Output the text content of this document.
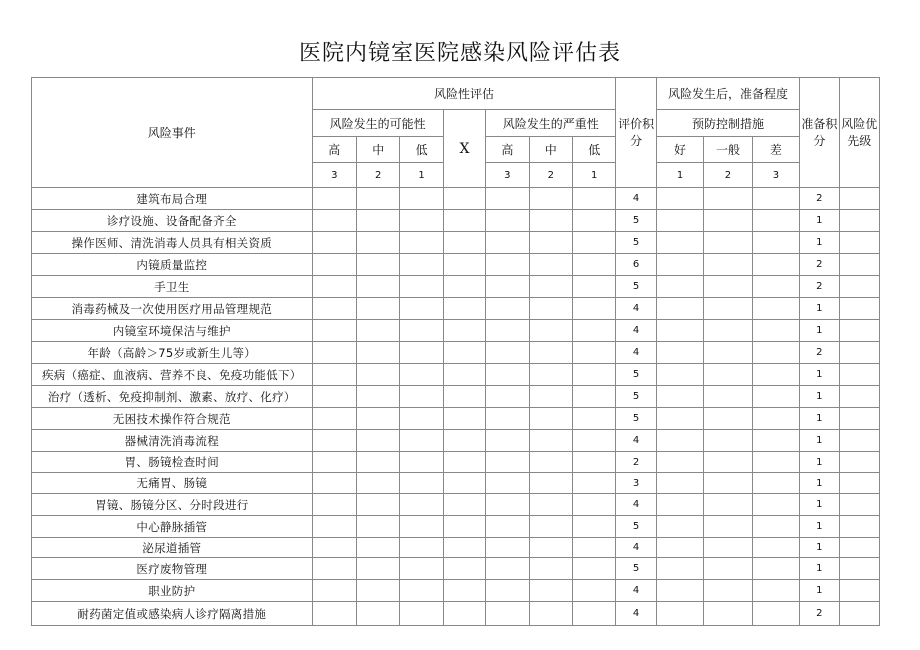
医院内镜室医院感染风险评估表
风险事件	风险性评估							评价积分	风险发生后，准备程度			准备积分	风险优先级
	风险发生的可能性			X	风险发生的严重性				预防控制措施				
	高	中	低		高	中	低		好	一般	差		
	3	2	1		3	2	1		1	2	3		
建筑布局合理								4				2	
诊疗设施、设备配备齐全								5				1	
操作医师、清洗消毒人员具有相关资质								5				1	
内镜质量监控								6				2	
手卫生								5				2	
消毒药械及一次使用医疗用品管理规范								4				1	
内镜室环境保洁与维护								4				1	
年龄（高龄＞75岁或新生儿等）								4				2	
疾病（癌症、血液病、营养不良、免疫功能低下）								5				1	
治疗（透析、免疫抑制剂、激素、放疗、化疗）								5				1	
无困技术操作符合规范								5				1	
器械清洗消毒流程								4				1	
胃、肠镜检查时间								2				1	
无痛胃、肠镜								3				1	
胃镜、肠镜分区、分时段进行								4				1	
中心静脉插管								5				1	
泌尿道插管								4				1	
医疗废物管理								5				1	
职业防护								4				1	
耐药菌定值或感染病人诊疗隔离措施								4				2	
